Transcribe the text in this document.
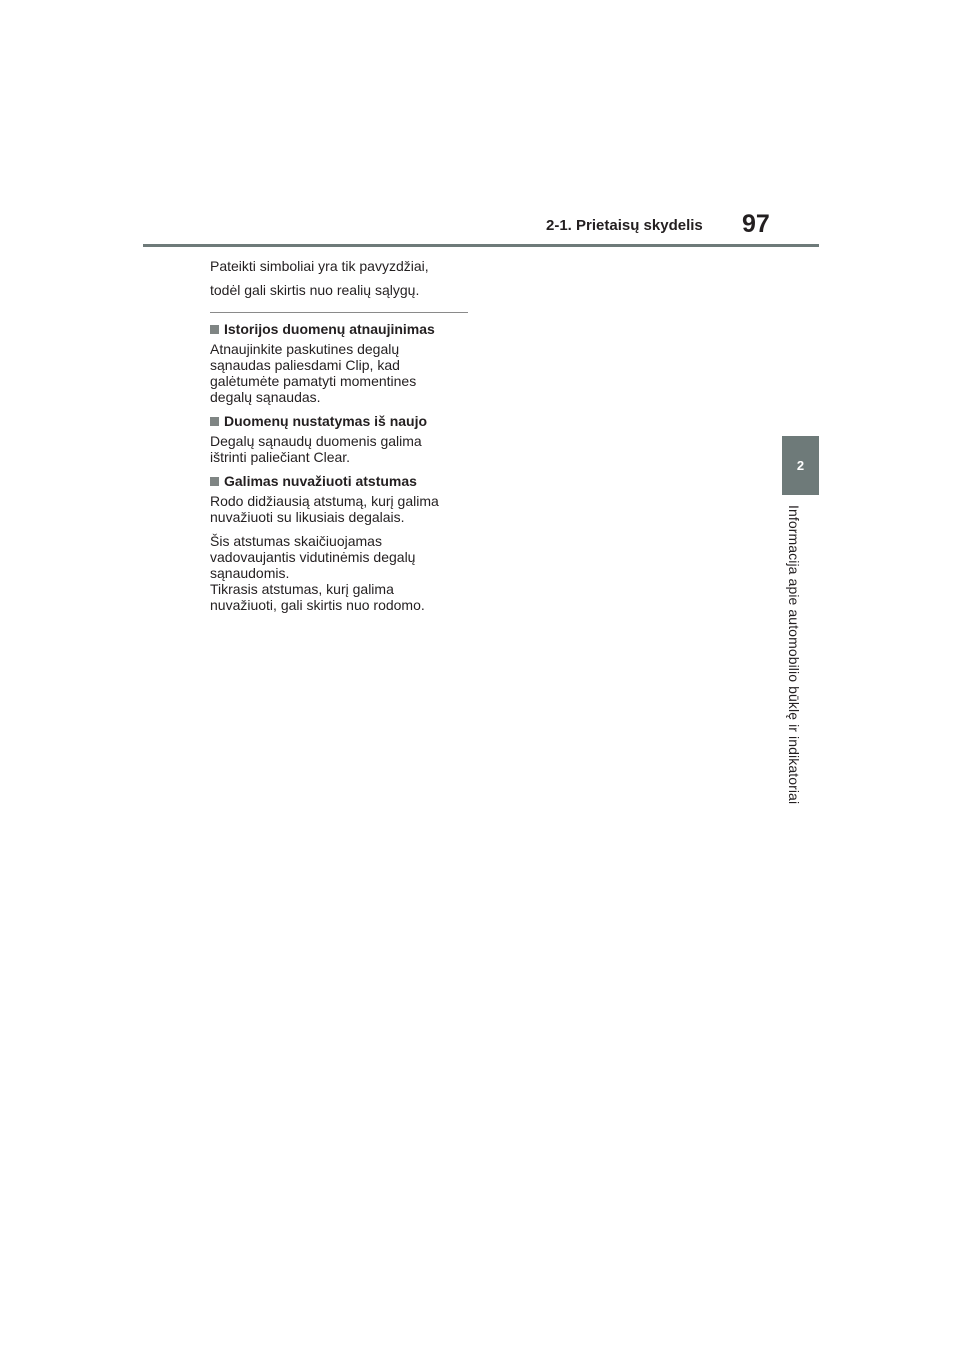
2-1. Prietaisų skydelis 97
2
Informacija apie automobilio būklę ir indikatoriai

Pateikti simboliai yra tik pavyzdžiai,
todėl gali skirtis nuo realių sąlygų.

Istorijos duomenų atnaujinimas

Atnaujinkite paskutines degalų
sąnaudas paliesdami Clip, kad
galėtumėte pamatyti momentines
degalų sąnaudas.

Duomenų nustatymas iš naujo

Degalų sąnaudų duomenis galima
ištrinti paliečiant Clear.

Galimas nuvažiuoti atstumas

Rodo didžiausią atstumą, kurį galima
nuvažiuoti su likusiais degalais.

Šis atstumas skaičiuojamas
vadovaujantis vidutinėmis degalų
sąnaudomis.
Tikrasis atstumas, kurį galima
nuvažiuoti, gali skirtis nuo rodomo.
